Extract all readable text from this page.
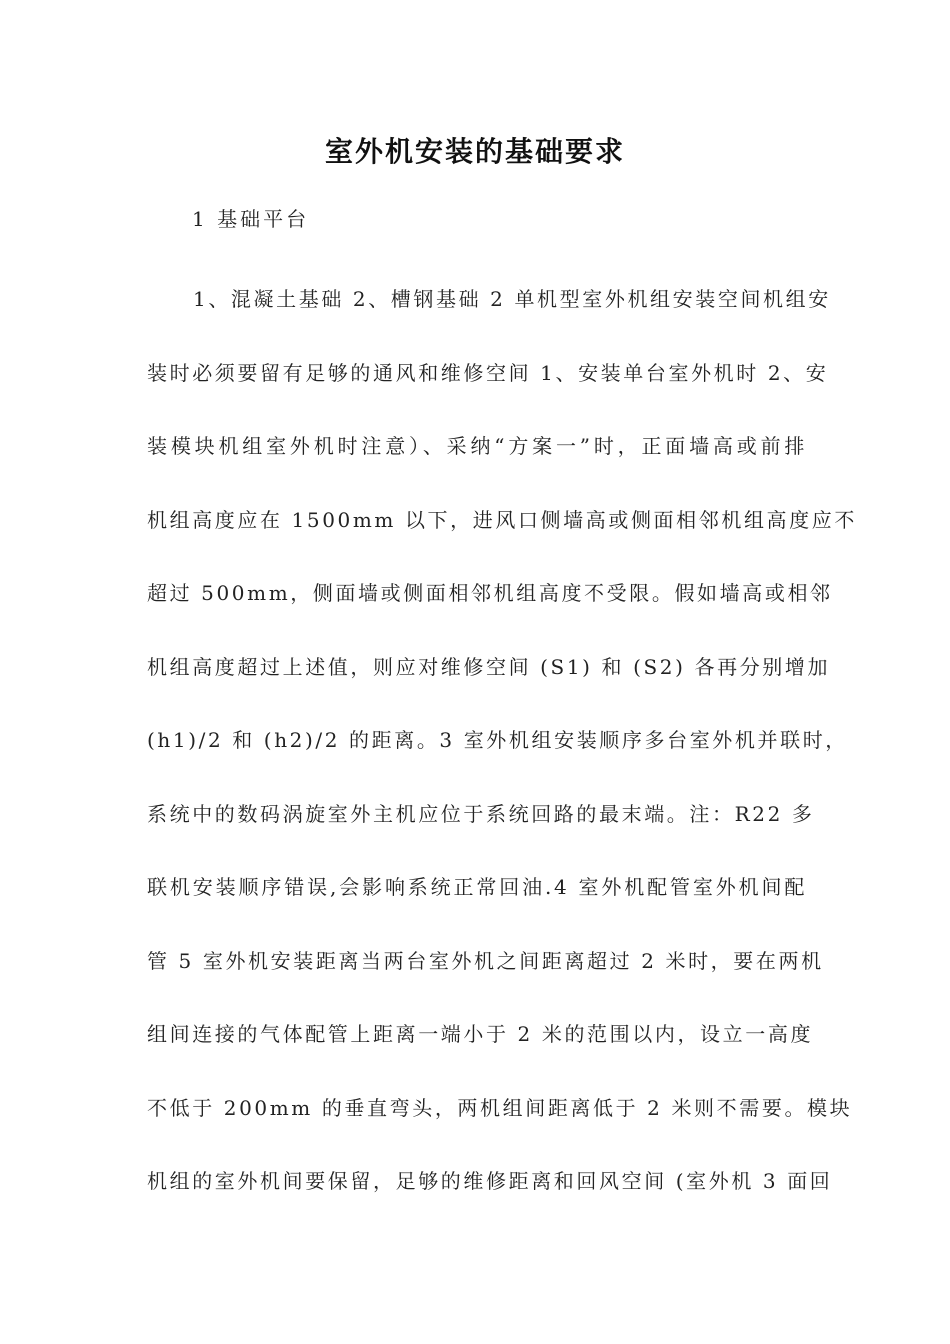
室外机安装的基础要求
1 基础平台
1、混凝土基础 2、槽钢基础 2 单机型室外机组安装空间机组安
装时必须要留有足够的通风和维修空间 1、安装单台室外机时 2、安
装模块机组室外机时注意）、采纳“方案一”时，正面墙高或前排
机组高度应在 1500mm 以下，进风口侧墙高或侧面相邻机组高度应不
超过 500mm，侧面墙或侧面相邻机组高度不受限。假如墙高或相邻
机组高度超过上述值，则应对维修空间 (S1) 和 (S2) 各再分别增加
(h1)/2 和 (h2)/2 的距离。3 室外机组安装顺序多台室外机并联时，
系统中的数码涡旋室外主机应位于系统回路的最末端。注：R22 多
联机安装顺序错误,会影响系统正常回油.4 室外机配管室外机间配
管 5 室外机安装距离当两台室外机之间距离超过 2 米时，要在两机
组间连接的气体配管上距离一端小于 2 米的范围以内，设立一高度
不低于 200mm 的垂直弯头，两机组间距离低于 2 米则不需要。模块
机组的室外机间要保留，足够的维修距离和回风空间 (室外机 3 面回
